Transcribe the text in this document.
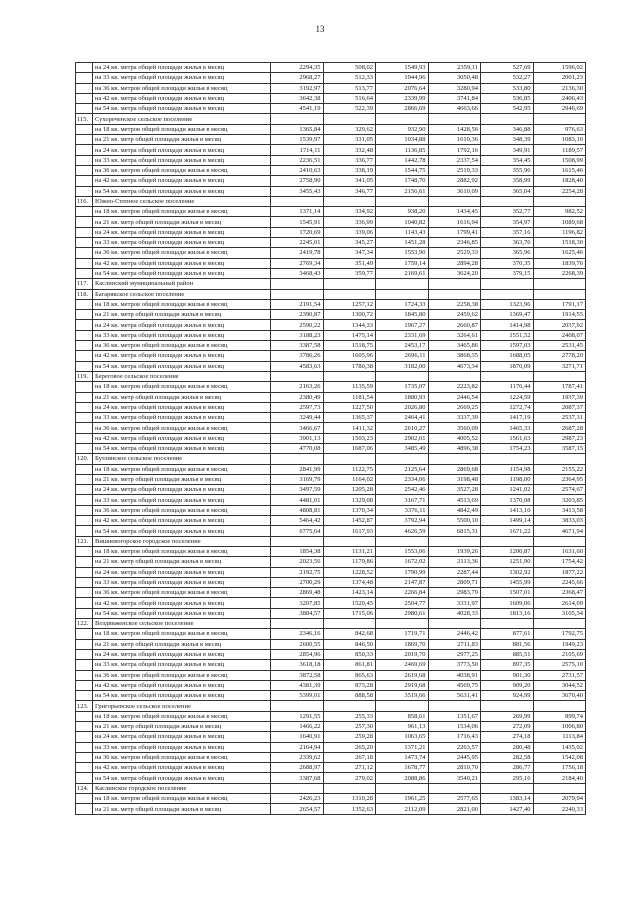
13
	на 24 кв. метра общей площади жилья в месяц	2294,35	508,02	1549,93	2359,11	527,69	1596,02
	на 33 кв. метра общей площади жилья в месяц	2968,27	512,33	1944,96	3050,48	532,27	2001,23
	на 36 кв. метров общей площади жилья в месяц	3192,97	513,77	2076,64	3280,94	533,80	2136,30
	на 42 кв. метра общей площади жилья в месяц	3642,38	516,64	2339,99	3741,84	536,85	2406,43
	на 54 кв. метра общей площади жилья в месяц	4541,19	522,39	2866,69	4663,66	542,95	2946,69
115.	Сухореченское сельское поселение						
	на 18 кв. метров общей площади жилья в месяц	1365,84	329,62	932,90	1428,56	346,88	976,63
	на 21 кв. метр общей площади жилья в месяц	1539,97	331,05	1034,88	1610,36	348,39	1083,10
	на 24 кв. метра общей площади жилья в месяц	1714,11	332,48	1136,85	1792,16	349,91	1189,57
	на 33 кв. метра общей площади жилья в месяц	2236,51	336,77	1442,78	2337,54	354,45	1508,99
	на 36 кв. метров общей площади жилья в месяц	2410,63	338,19	1544,75	2519,33	355,96	1615,46
	на 42 кв. метра общей площади жилья в месяц	2758,90	341,05	1748,70	2882,92	358,99	1828,40
	на 54 кв. метра общей площади жилья в месяц	3455,43	346,77	2156,61	3610,09	365,04	2254,28
116.	Южно-Степное сельское поселение						
	на 18 кв. метров общей площади жилья в месяц	1371,14	334,92	938,20	1434,45	352,77	982,52
	на 21 кв. метр общей площади жилья в месяц	1545,91	336,99	1040,82	1616,94	354,97	1089,68
	на 24 кв. метра общей площади жилья в месяц	1720,69	339,06	1143,43	1799,41	357,16	1196,82
	на 33 кв. метра общей площади жилья в месяц	2245,01	345,27	1451,28	2346,85	363,76	1518,30
	на 36 кв. метров общей площади жилья в месяц	2419,78	347,34	1553,90	2529,33	365,96	1625,46
	на 42 кв. метра общей площади жилья в месяц	2769,34	351,49	1759,14	2894,28	370,35	1839,76
	на 54 кв. метра общей площади жилья в месяц	3468,43	359,77	2169,61	3624,20	379,15	2268,39
117.	Каслинский муниципальный район						
118.	Багарякское сельское поселение						
	на 18 кв. метров общей площади жилья в месяц	2191,54	1257,12	1724,33	2258,38	1323,96	1791,17
	на 21 кв. метр общей площади жилья в месяц	2390,87	1300,72	1845,80	2459,62	1369,47	1914,55
	на 24 кв. метра общей площади жилья в месяц	2590,22	1344,33	1967,27	2660,87	1414,98	2037,92
	на 33 кв. метра общей площади жилья в месяц	3188,23	1475,14	2331,69	3264,61	1551,52	2408,07
	на 36 кв. метров общей площади жилья в месяц	3387,58	1518,75	2453,17	3465,86	1597,03	2531,45
	на 42 кв. метра общей площади жилья в месяц	3786,26	1605,96	2696,11	3868,35	1688,05	2778,20
	на 54 кв. метра общей площади жилья в месяц	4583,63	1780,38	3182,00	4673,34	1870,09	3271,71
119.	Береговое сельское поселение						
	на 18 кв. метров общей площади жилья в месяц	2163,26	1135,59	1735,07	2223,82	1176,44	1787,41
	на 21 кв. метр общей площади жилья в месяц	2380,49	1181,54	1880,93	2446,54	1224,59	1937,39
	на 24 кв. метра общей площади жилья в месяц	2597,73	1227,50	2026,80	2669,25	1272,74	2087,37
	на 33 кв. метра общей площади жилья в месяц	3249,44	1365,37	2464,41	3337,39	1417,19	2537,31
	на 36 кв. метров общей площади жилья в месяц	3466,67	1411,32	2610,27	3560,09	1465,33	2687,28
	на 42 кв. метра общей площади жилья в месяц	3901,13	1503,23	2902,01	4005,52	1561,63	2987,23
	на 54 кв. метра общей площади жилья в месяц	4770,08	1687,06	3485,49	4896,38	1754,23	3587,15
120.	Булзинское сельское поселение						
	на 18 кв. метров общей площади жилья в месяц	2841,99	1122,75	2125,64	2869,68	1154,98	2155,22
	на 21 кв. метр общей площади жилья в месяц	3169,79	1164,02	2334,06	3198,48	1198,00	2364,95
	на 24 кв. метра общей площади жилья в месяц	3497,59	1205,28	2542,46	3527,28	1241,02	2574,67
	на 33 кв. метра общей площади жилья в месяц	4481,01	1329,08	3167,71	4513,69	1370,08	3203,85
	на 36 кв. метров общей площади жилья в месяц	4808,81	1370,34	3376,11	4842,49	1413,10	3413,58
	на 42 кв. метра общей площади жилья в месяц	5464,42	1452,87	3792,94	5500,10	1499,14	3833,03
	на 54 кв. метра общей площади жилья в месяц	6775,64	1617,93	4626,59	6815,31	1671,22	4671,94
121.	Вишневогорское городское поселение						
	на 18 кв. метров общей площади жилья в месяц	1854,38	1131,21	1553,06	1939,26	1200,87	1631,60
	на 21 кв. метр общей площади жилья в месяц	2023,56	1179,86	1672,02	2113,36	1251,90	1754,42
	на 24 кв. метра общей площади жилья в месяц	2192,75	1228,52	1790,99	2287,44	1302,92	1877,22
	на 33 кв. метра общей площади жилья в месяц	2700,29	1374,48	2147,87	2809,71	1455,99	2245,66
	на 36 кв. метров общей площади жилья в месяц	2869,48	1423,14	2266,84	2983,79	1507,01	2368,47
	на 42 кв. метра общей площади жилья в месяц	3207,85	1520,45	2504,77	3331,97	1609,06	2614,09
	на 54 кв. метра общей площади жилья в месяц	3884,57	1715,06	2980,61	4028,33	1813,16	3105,34
122.	Воздвиженское сельское поселение						
	на 18 кв. метров общей площади жилья в месяц	2346,16	842,68	1719,71	2446,42	877,61	1792,75
	на 21 кв. метр общей площади жилья в месяц	2600,55	846,50	1869,70	2711,83	881,56	1949,23
	на 24 кв. метра общей площади жилья в месяц	2854,96	850,33	2019,70	2977,25	885,51	2105,69
	на 33 кв. метра общей площади жилья в месяц	3618,18	861,81	2469,69	3773,50	897,35	2575,10
	на 36 кв. метров общей площади жилья в месяц	3872,58	865,63	2619,68	4038,91	901,30	2731,57
	на 42 кв. метра общей площади жилья в месяц	4381,39	873,28	2919,68	4569,75	909,20	3044,52
	на 54 кв. метра общей площади жилья в месяц	5399,01	888,58	3519,66	5631,41	924,99	3670,40
123.	Григорьевское сельское поселение						
	на 18 кв. метров общей площади жилья в месяц	1291,55	255,33	858,61	1351,67	269,99	899,74
	на 21 кв. метр общей площади жилья в месяц	1466,22	257,30	961,13	1534,06	272,09	1006,80
	на 24 кв. метра общей площади жилья в месяц	1640,91	259,28	1063,65	1716,43	274,18	1113,84
	на 33 кв. метра общей площади жилья в месяц	2164,94	265,20	1371,21	2263,57	280,48	1435,02
	на 36 кв. метров общей площади жилья в месяц	2339,62	267,18	1473,74	2445,95	282,58	1542,08
	на 42 кв. метра общей площади жилья в месяц	2688,97	271,12	1678,77	2810,70	286,77	1756,18
	на 54 кв. метра общей площади жилья в месяц	3387,68	279,02	2088,86	3540,21	295,16	2184,40
124.	Каслинское городское поселение						
	на 18 кв. метров общей площади жилья в месяц	2426,23	1310,28	1961,25	2577,65	1383,14	2079,94
	на 21 кв. метр общей площади жилья в месяц	2654,57	1352,63	2112,09	2821,00	1427,40	2240,33
